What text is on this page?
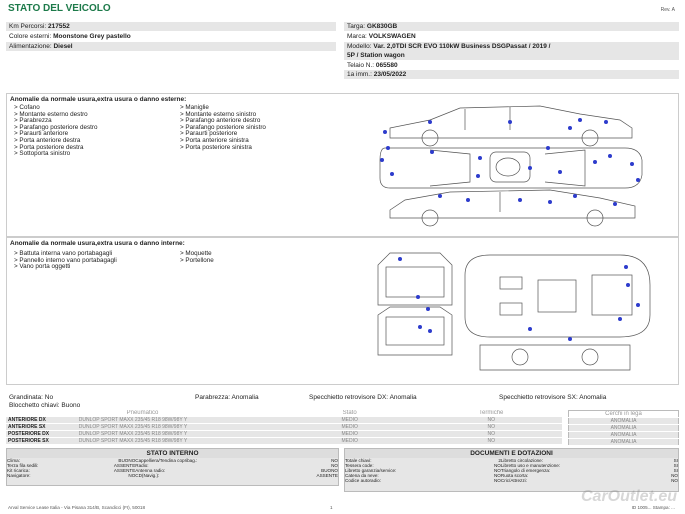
STATO DEL VEICOLO	Rev. A
Km Percorsi: 217552
Colore esterni: Moonstone Grey pastello
Alimentazione: Diesel
Targa: GK830GB
Marca: VOLKSWAGEN
Modello: Var. 2,0TDI SCR EVO 110kW Business DSGPassat / 2019 /
5P / Station wagon
Telaio N.: 065580
1a imm.: 23/05/2022
Anomalie da normale usura,extra usura o danno esterne:
> Cofano
> Montante esterno destro
> Parabrezza
> Parafango posteriore destro
> Paraurti anteriore
> Porta anteriore destra
> Porta posteriore destra
> Sottoporta sinistro
> Maniglie
> Montante esterno sinistro
> Parafango anteriore destro
> Parafango posteriore sinistro
> Paraurti posteriore
> Porta anteriore sinistra
> Porta posteriore sinistra
Anomalie da normale usura,extra usura o danno interne:
> Battuta interna vano portabagagli
> Pannello interno vano portabagagli
> Vano porta oggetti
> Moquette
> Portellone
Grandinata: No	Parabrezza: Anomalia	Specchietto retrovisore DX: Anomalia	Specchietto retrovisore SX: Anomalia
Blocchetto chiavi: Buono
Pneumatico		Stato	Termiche
ANTERIORE DX	DUNLOP SPORT MAXX 235/45 R18 98W/98Y Y	MEDIO	NO
ANTERIORE SX	DUNLOP SPORT MAXX 235/45 R18 98W/98Y Y	MEDIO	NO
POSTERIORE DX	DUNLOP SPORT MAXX 235/45 R18 98W/98Y Y	MEDIO	NO
POSTERIORE SX	DUNLOP SPORT MAXX 235/45 R18 98W/98Y Y	MEDIO	NO
Cerchi in lega
ANOMALIA
ANOMALIA
ANOMALIA
ANOMALIA
STATO INTERNO
Clima:	BUONO	Cappelliera/Tendina copribag.:	NO
Terza fila sedili:	ASSENTE	Radio:	NO
Kit ricarica:	ASSENTE	Antenna radio:	BUONO
Navigatore:	NO	CD(Navig.):	ASSENTE
DOCUMENTI E DOTAZIONI
Totale chiavi:	2	Libretto circolazione:	SI
Tessera code:	NO	Libretto uso e manutenzione:	SI
Libretto garanzia/service:	NO	Triangolo di emergenza:	SI
Catena da neve:	NO	Ruota scorta:	NO
Codice autoradio:	NO	Cric/Attrezzi:	NO
Arval Service Lease Italia - Via Pisana 314/B, Scandicci (FI), 50018	1	ID 1005... Stampa: ...
CarOutlet.eu
